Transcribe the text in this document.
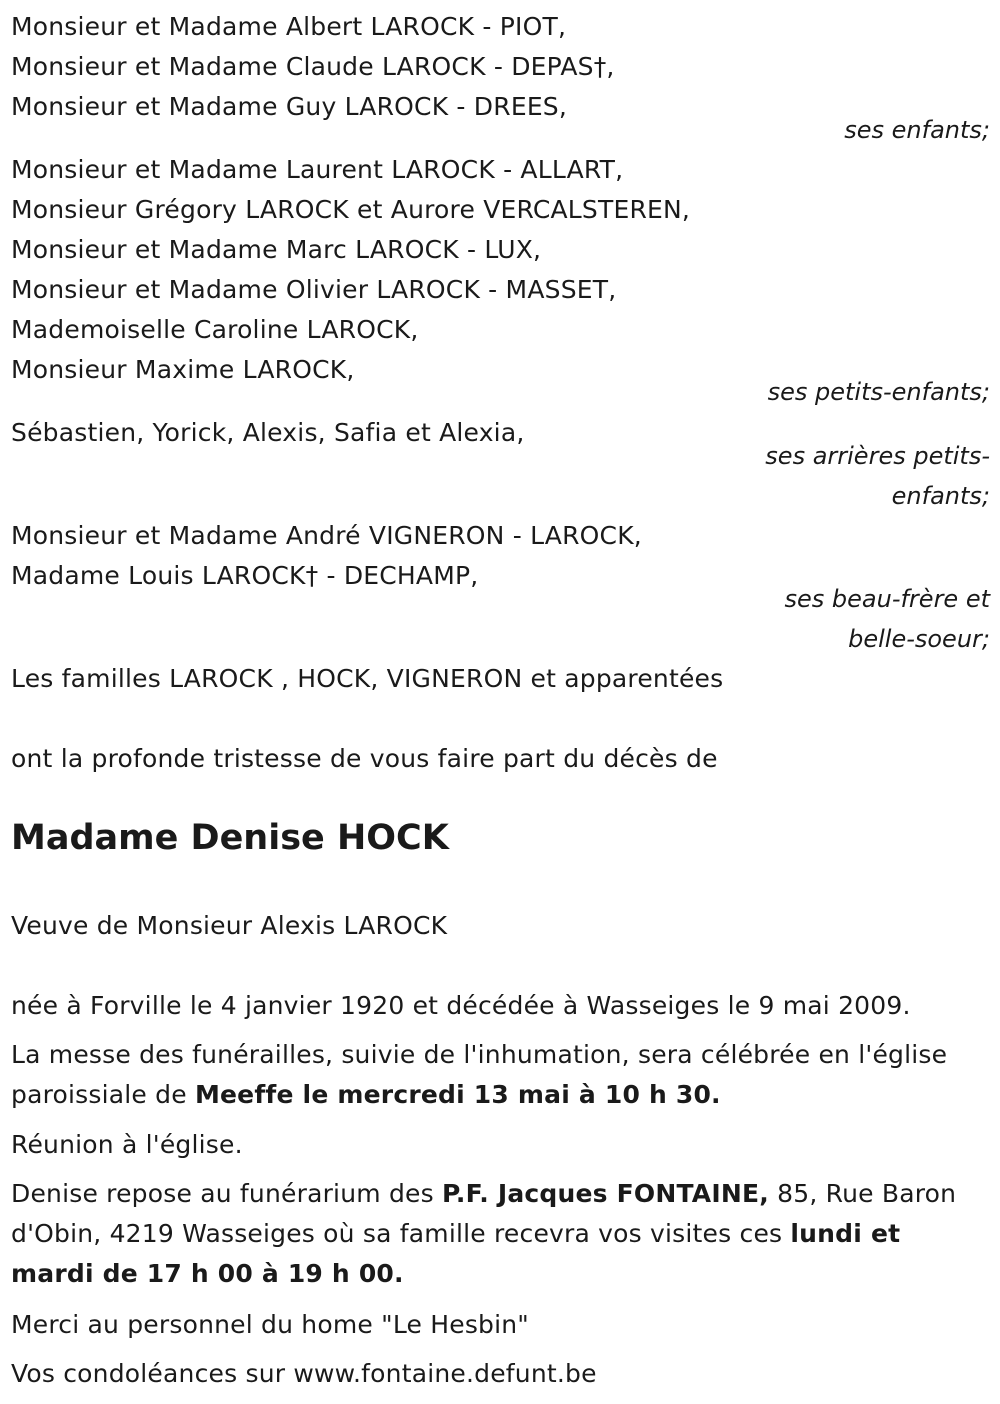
Monsieur et Madame Albert LAROCK - PIOT,
Monsieur et Madame Claude LAROCK - DEPAS†,
Monsieur et Madame Guy LAROCK - DREES,
ses enfants;
Monsieur et Madame Laurent LAROCK - ALLART,
Monsieur Grégory LAROCK et Aurore VERCALSTEREN,
Monsieur et Madame Marc LAROCK - LUX,
Monsieur et Madame Olivier LAROCK - MASSET,
Mademoiselle Caroline LAROCK,
Monsieur Maxime LAROCK,
ses petits-enfants;
Sébastien, Yorick, Alexis, Safia et Alexia,
ses arrières petits-enfants;
Monsieur et Madame André VIGNERON - LAROCK,
Madame Louis LAROCK† - DECHAMP,
ses beau-frère et belle-soeur;
Les familles LAROCK , HOCK, VIGNERON et apparentées
ont la profonde tristesse de vous faire part du décès de
Madame Denise HOCK
Veuve de Monsieur Alexis LAROCK
née à Forville le 4 janvier 1920 et décédée à Wasseiges le 9 mai 2009.
La messe des funérailles, suivie de l'inhumation, sera célébrée en l'église paroissiale de Meeffe le mercredi 13 mai à 10 h 30.
Réunion à l'église.
Denise repose au funérarium des P.F. Jacques FONTAINE, 85, Rue Baron d'Obin, 4219 Wasseiges où sa famille recevra vos visites ces lundi et mardi de 17 h 00 à 19 h 00.
Merci au personnel du home "Le Hesbin"
Vos condoléances sur www.fontaine.defunt.be
